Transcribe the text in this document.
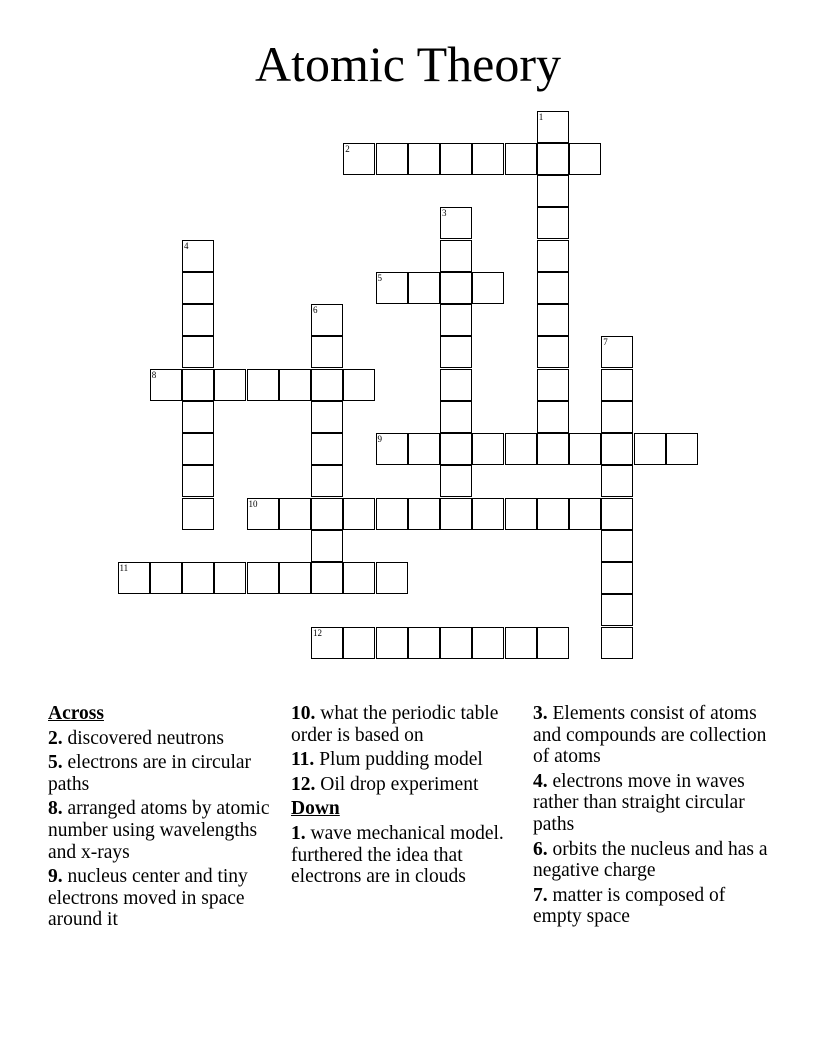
Atomic Theory
1
2
3
4
5
6
7
8
9
10
11
12
Across
2. discovered neutrons
5. electrons are in circular paths
8. arranged atoms by atomic number using wavelengths and x-rays
9. nucleus center and tiny electrons moved in space around it
10. what the periodic table order is based on
11. Plum pudding model
12. Oil drop experiment
Down
1. wave mechanical model. furthered the idea that electrons are in clouds
3. Elements consist of atoms and compounds are collection of atoms
4. electrons move in waves rather than straight circular paths
6. orbits the nucleus and has a negative charge
7. matter is composed of empty space
